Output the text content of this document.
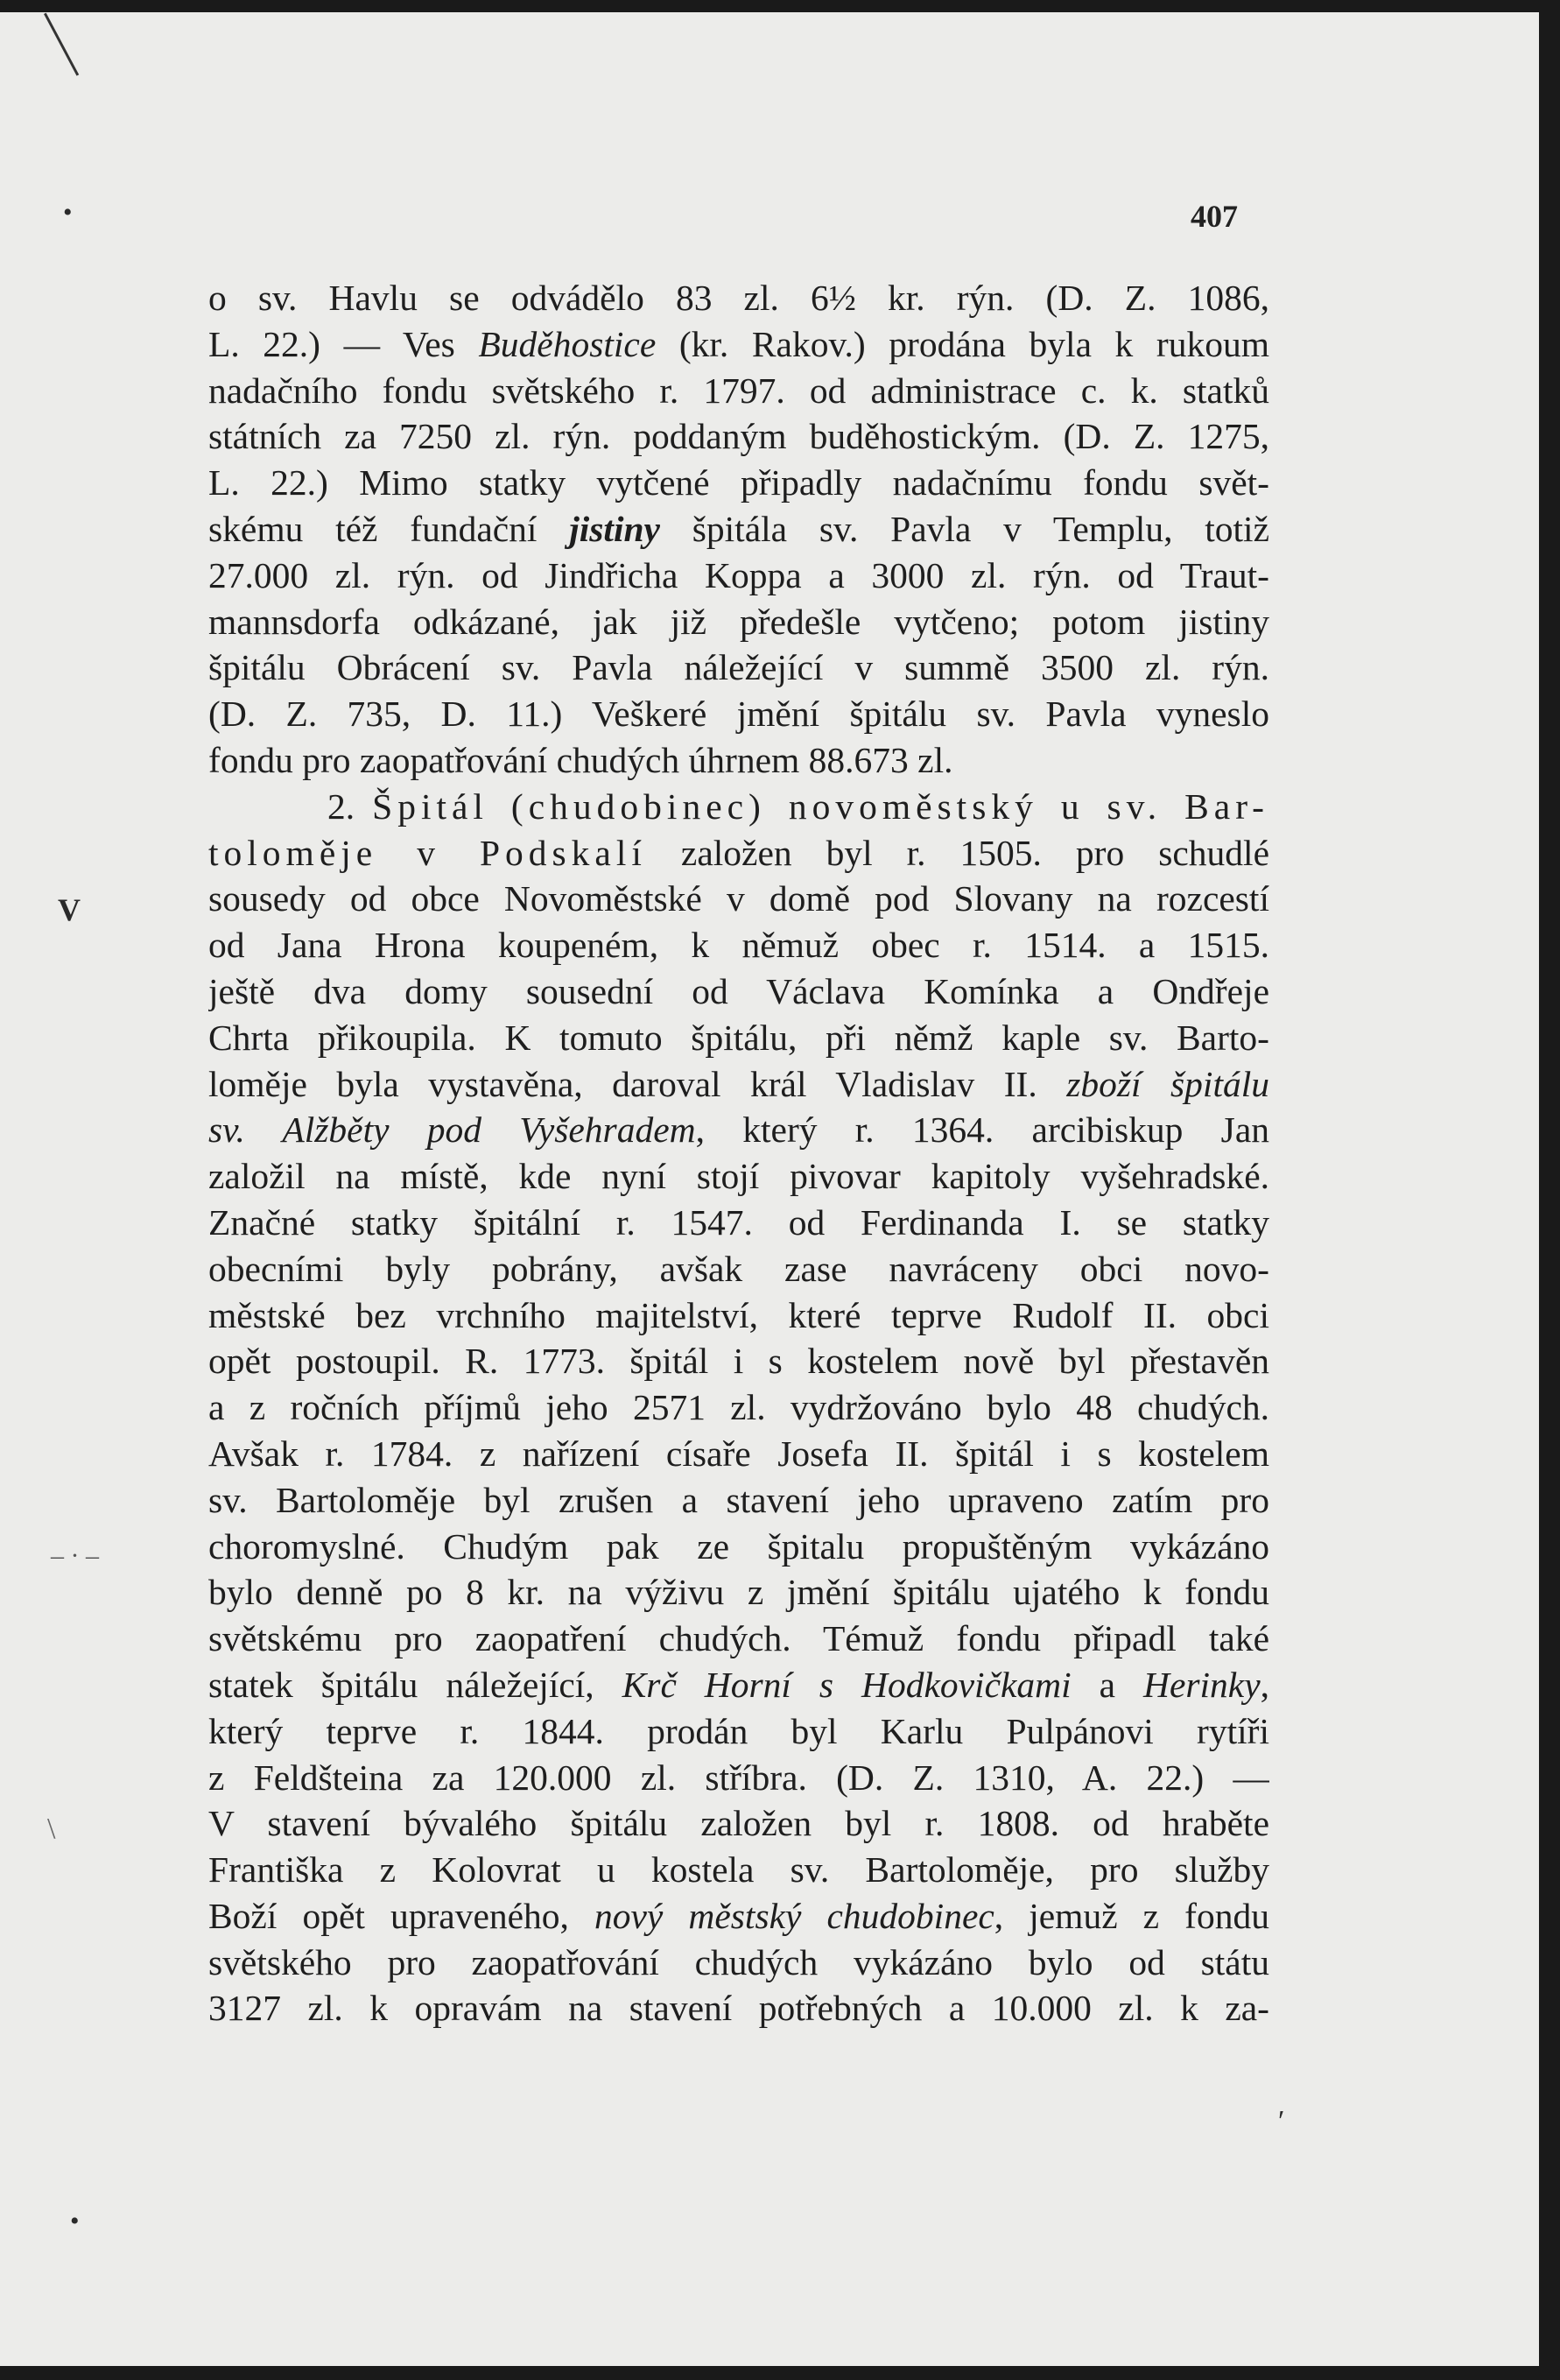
•	407
V
– · –
\
•
′
o sv. Havlu se odvádělo 83 zl. 6½ kr. rýn. (D. Z. 1086,
L. 22.) — Ves Buděhostice (kr. Rakov.) prodána byla k rukoum
nadačního fondu světského r. 1797. od administrace c. k. statků
státních za 7250 zl. rýn. poddaným buděhostickým. (D. Z. 1275,
L. 22.) Mimo statky vytčené připadly nadačnímu fondu svět-
skému též fundační jistiny špitála sv. Pavla v Templu, totiž
27.000 zl. rýn. od Jindřicha Koppa a 3000 zl. rýn. od Traut-
mannsdorfa odkázané, jak již předešle vytčeno; potom jistiny
špitálu Obrácení sv. Pavla náležející v summě 3500 zl. rýn.
(D. Z. 735, D. 11.) Veškeré jmění špitálu sv. Pavla vyneslo
fondu pro zaopatřování chudých úhrnem 88.673 zl.
2. Špitál (chudobinec) novoměstský u sv. Bar-
tolоměje v Podskalí založen byl r. 1505. pro schudlé
sousedy od obce Novoměstské v domě pod Slovany na rozcestí
od Jana Hrona koupeném, k němuž obec r. 1514. a 1515.
ještě dva domy sousední od Václava Komínka a Ondřeje
Chrta přikoupila. K tomuto špitálu, při němž kaple sv. Barto-
loměje byla vystavěna, daroval král Vladislav II. zboží špitálu
sv. Alžběty pod Vyšehradem, který r. 1364. arcibiskup Jan
založil na místě, kde nyní stojí pivovar kapitoly vyšehradské.
Značné statky špitální r. 1547. od Ferdinanda I. se statky
obecními byly pobrány, avšak zase navráceny obci novo-
městské bez vrchního majitelství, které teprve Rudolf II. obci
opět postoupil. R. 1773. špitál i s kostelem nově byl přestavěn
a z ročních příjmů jeho 2571 zl. vydržováno bylo 48 chudých.
Avšak r. 1784. z nařízení císaře Josefa II. špitál i s kostelem
sv. Bartoloměje byl zrušen a stavení jeho upraveno zatím pro
choromyslné. Chudým pak ze špitalu propuštěným vykázáno
bylo denně po 8 kr. na výživu z jmění špitálu ujatého k fondu
světskému pro zaopatření chudých. Témuž fondu připadl také
statek špitálu náležející, Krč Horní s Hodkovičkami a Herinky,
který teprve r. 1844. prodán byl Karlu Pulpánovi rytíři
z Feldšteina za 120.000 zl. stříbra. (D. Z. 1310, A. 22.) —
V stavení bývalého špitálu založen byl r. 1808. od hraběte
Františka z Kolovrat u kostela sv. Bartoloměje, pro služby
Boží opět upraveného, nový městský chudobinec, jemuž z fondu
světského pro zaopatřování chudých vykázáno bylo od státu
3127 zl. k opravám na stavení potřebných a 10.000 zl. k za-
